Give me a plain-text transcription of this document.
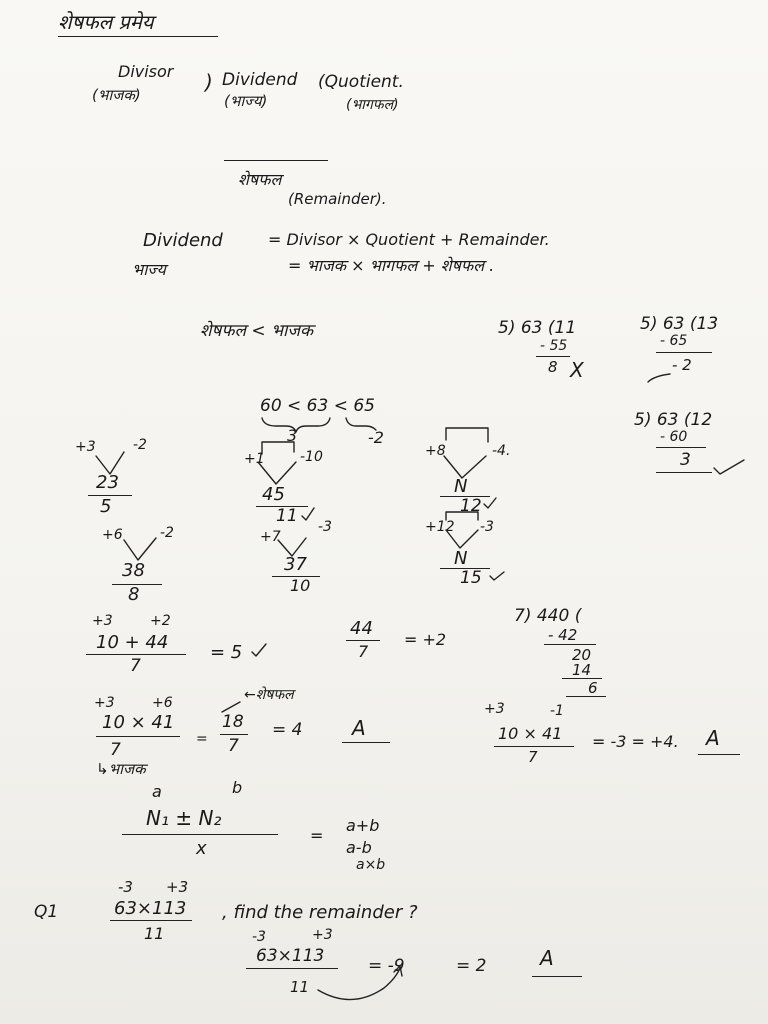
शेषफल प्रमेय
Divisor
(भाजक)
) Dividend
(भाज्य)
(Quotient.
(भागफल)
शेषफल
(Remainder).
Dividend	= Divisor × Quotient + Remainder.
भाज्य	= भाजक × भागफल + शेषफल .
शेषफल < भाजक	5) 63 (11
- 55
8 X
5) 63 (13
- 65
- 2
5) 63 (12
- 60
3
60 < 63 < 65
3	-2
+3	-2
23
5
+6	-2
38
8
+1	-10
45
11
+7
-3
37
10
+8	-4.
N
12
+12 -3
N
15
+3	+2
10 + 44
7
= 5
44
7
= +2
7) 440 (
- 42
20
14
6
+3	+6
10 × 41
7
←शेषफल
=
18
7
= 4 A
↳भाजक
+3	-1
10 × 41
7
= -3 = +4. A
a	b
N₁ ± N₂
x
=
a+b
a-b
a×b
-3 +3
Q1	63×113
11
, find the remainder ?
-3	+3
63×113
11
= -9	= 2	A
